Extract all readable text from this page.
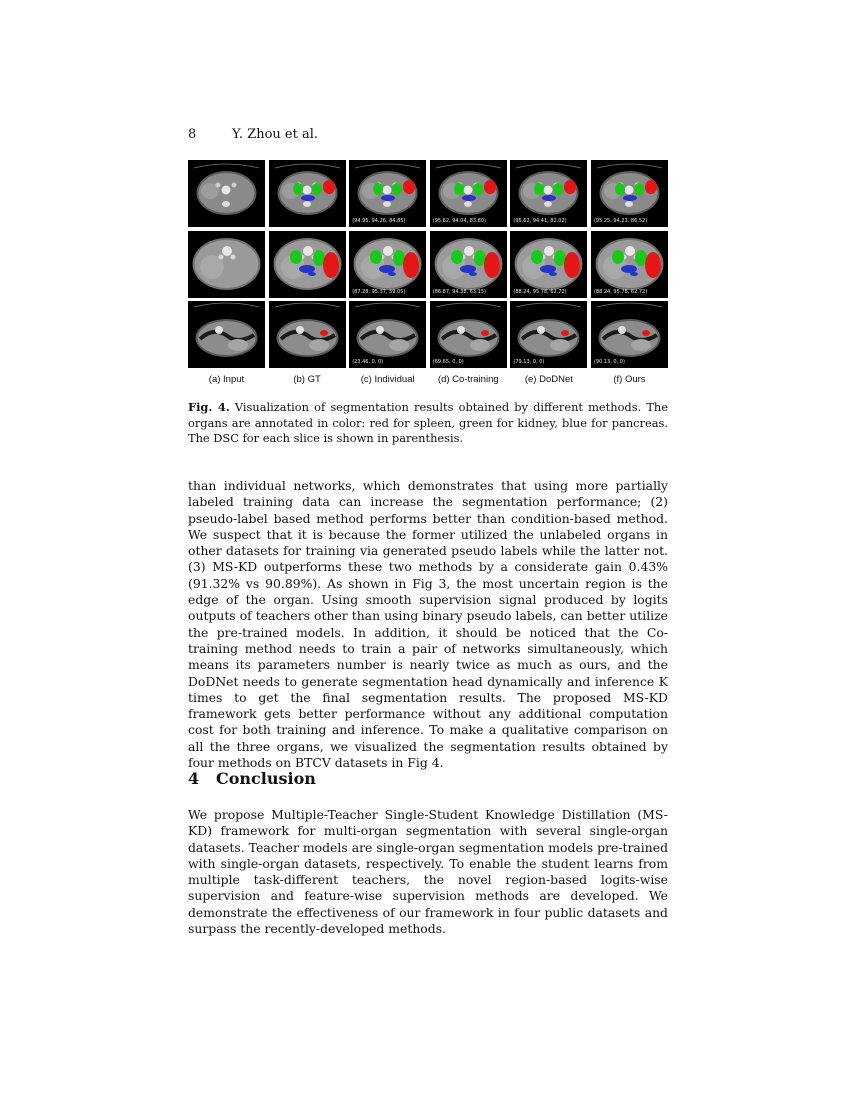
8	Y. Zhou et al.
(94.95, 94.26, 84.85)	(95.62, 94.04, 83.80)	(95.62, 94.41, 82.02)	(95.25, 94.23, 86.52)
(87.28, 95.37, 59.05)	(86.87, 94.38, 63.15)	(88.24, 95.78, 62.72)	(88.24, 95.78, 62.72)
(23.46, 0, 0)	(69.65, 0, 0)	(79.13, 0, 0)	(90.13, 0, 0)
(a) Input	(b) GT	(c) Individual	(d) Co-training	(e) DoDNet	(f) Ours
Fig. 4. Visualization of segmentation results obtained by different methods. The organs are annotated in color: red for spleen, green for kidney, blue for pancreas. The DSC for each slice is shown in parenthesis.

than individual networks, which demonstrates that using more partially labeled training data can increase the segmentation performance; (2) pseudo-label based method performs better than condition-based method. We suspect that it is because the former utilized the unlabeled organs in other datasets for training via generated pseudo labels while the latter not. (3) MS-KD outperforms these two methods by a considerate gain 0.43% (91.32% vs 90.89%). As shown in Fig 3, the most uncertain region is the edge of the organ. Using smooth supervision signal produced by logits outputs of teachers other than using binary pseudo labels, can better utilize the pre-trained models. In addition, it should be noticed that the Co-training method needs to train a pair of networks simultaneously, which means its parameters number is nearly twice as much as ours, and the DoDNet needs to generate segmentation head dynamically and inference K times to get the final segmentation results. The proposed MS-KD framework gets better performance without any additional computation cost for both training and inference. To make a qualitative comparison on all the three organs, we visualized the segmentation results obtained by four methods on BTCV datasets in Fig 4.

4 Conclusion

We propose Multiple-Teacher Single-Student Knowledge Distillation (MS-KD) framework for multi-organ segmentation with several single-organ datasets. Teacher models are single-organ segmentation models pre-trained with single-organ datasets, respectively. To enable the student learns from multiple task-different teachers, the novel region-based logits-wise supervision and feature-wise supervision methods are developed. We demonstrate the effectiveness of our framework in four public datasets and surpass the recently-developed methods.
